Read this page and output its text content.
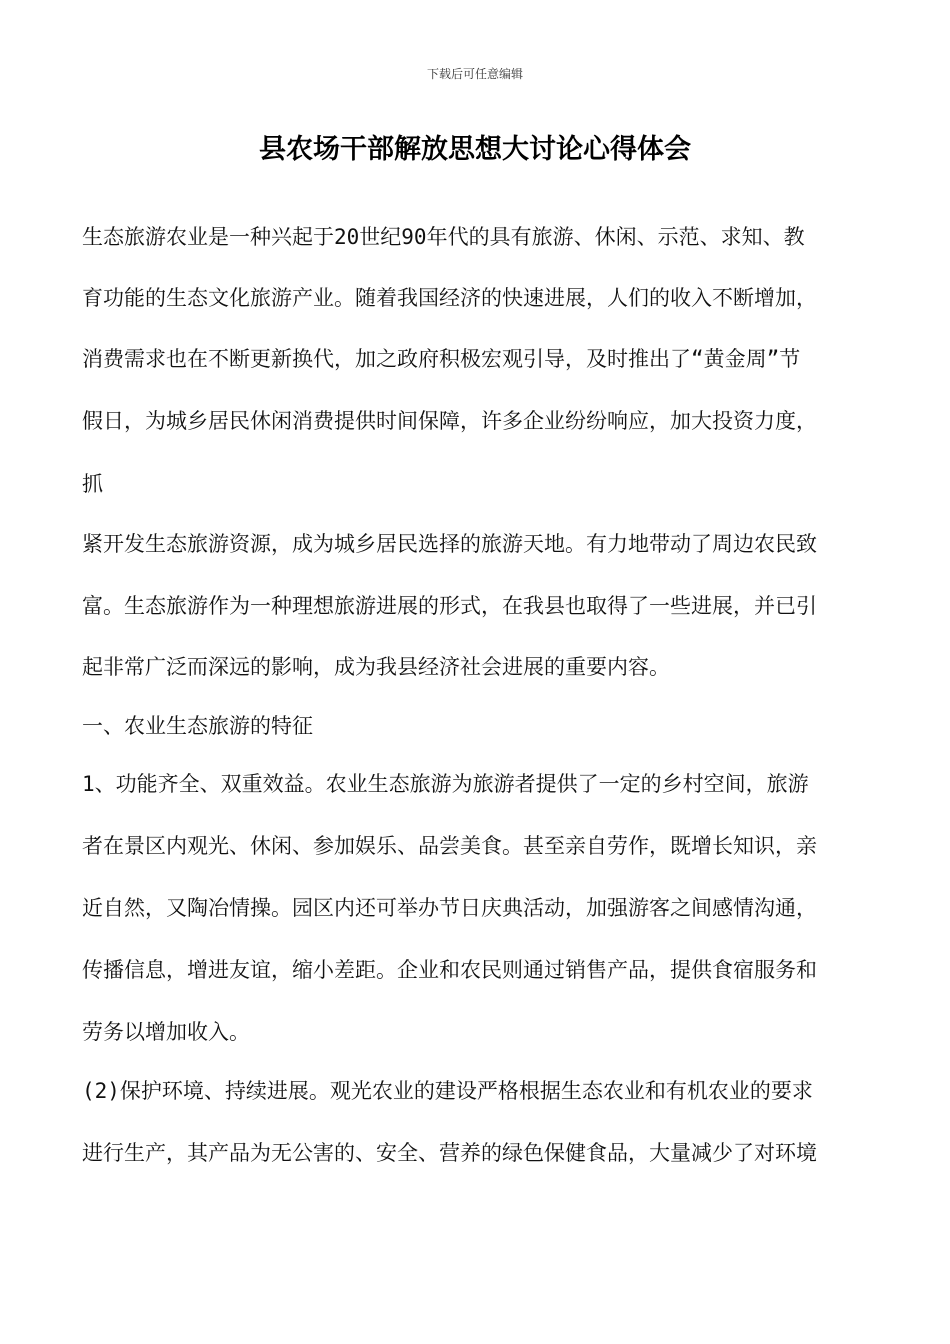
下载后可任意编辑
县农场干部解放思想大讨论心得体会
生态旅游农业是一种兴起于20世纪90年代的具有旅游、休闲、示范、求知、教
育功能的生态文化旅游产业。随着我国经济的快速进展，人们的收入不断增加，
消费需求也在不断更新换代，加之政府积极宏观引导，及时推出了“黄金周”节
假日，为城乡居民休闲消费提供时间保障，许多企业纷纷响应，加大投资力度，
抓
紧开发生态旅游资源，成为城乡居民选择的旅游天地。有力地带动了周边农民致
富。生态旅游作为一种理想旅游进展的形式，在我县也取得了一些进展，并已引
起非常广泛而深远的影响，成为我县经济社会进展的重要内容。
一、农业生态旅游的特征
1、功能齐全、双重效益。农业生态旅游为旅游者提供了一定的乡村空间，旅游
者在景区内观光、休闲、参加娱乐、品尝美食。甚至亲自劳作，既增长知识，亲
近自然，又陶冶情操。园区内还可举办节日庆典活动，加强游客之间感情沟通，
传播信息，增进友谊，缩小差距。企业和农民则通过销售产品，提供食宿服务和
劳务以增加收入。
(2)保护环境、持续进展。观光农业的建设严格根据生态农业和有机农业的要求
进行生产，其产品为无公害的、安全、营养的绿色保健食品，大量减少了对环境
